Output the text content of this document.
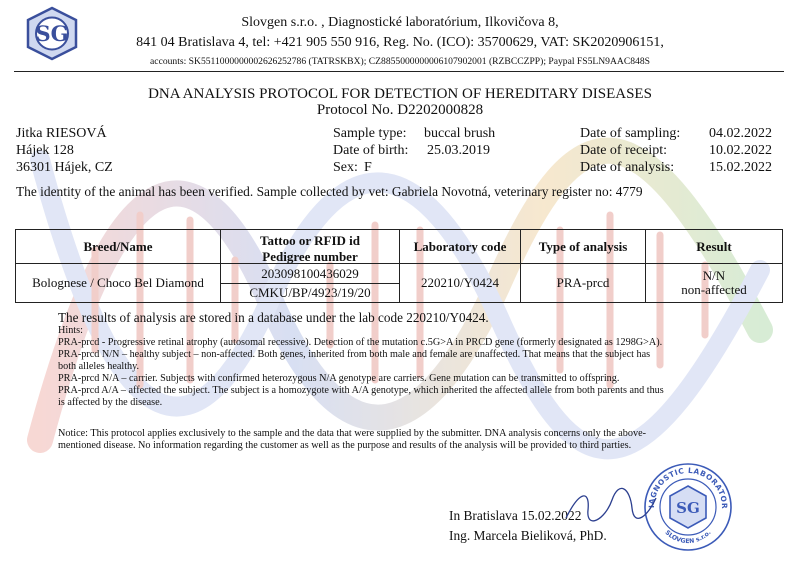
SG	Slovgen s.r.o. , Diagnostické laboratórium, Ilkovičova 8,
841 04 Bratislava 4, tel: +421 905 550 916, Reg. No. (ICO): 35700629, VAT: SK2020906151,
accounts: SK5511000000002626252786 (TATRSKBX); CZ8855000000006107902001 (RZBCCZPP); Paypal FS5LN9AAC848S
DNA ANALYSIS PROTOCOL FOR DETECTION OF HEREDITARY DISEASES
Protocol No. D2202000828
Jitka RIESOVÁ
Hájek 128
36301 Hájek, CZ
Sample type: buccal brush
Date of birth: 25.03.2019
Sex: F
Date of sampling: 04.02.2022
Date of receipt:	10.02.2022
Date of analysis: 15.02.2022
The identity of the animal has been verified. Sample collected by vet: Gabriela Novotná, veterinary register no: 4779
Breed/Name	Tattoo or RFID id	Laboratory code	Type of analysis	Result
	Pedigree number			
Bolognese / Choco Bel Diamond	203098100436029	220210/Y0424	PRA-prcd	N/N
non-affected

	CMKU/BP/4923/19/20			
The results of analysis are stored in a database under the lab code 220210/Y0424.
Hints:
PRA-prcd - Progressive retinal atrophy (autosomal recessive). Detection of the mutation c.5G>A in PRCD gene (formerly designated as 1298G>A).
PRA-prcd N/N – healthy subject – non-affected. Both genes, inherited from both male and female are unaffected. That means that the subject has
both alleles healthy.
PRA-prcd N/A – carrier. Subjects with confirmed heterozygous N/A genotype are carriers. Gene mutation can be transmitted to offspring.
PRA-prcd A/A – affected the subject. The subject is a homozygote with A/A genotype, which inherited the affected allele from both parents and thus
is affected by the disease.
Notice: This protocol applies exclusively to the sample and the data that were supplied by the submitter. DNA analysis concerns only the above-
mentioned disease. No information regarding the customer as well as the purpose and results of the analysis will be provided to third parties.
In Bratislava 15.02.2022
Ing. Marcela Bieliková, PhD.
IAGNOSTIC LABORATOR
SLOVGEN s.r.o.
SG
